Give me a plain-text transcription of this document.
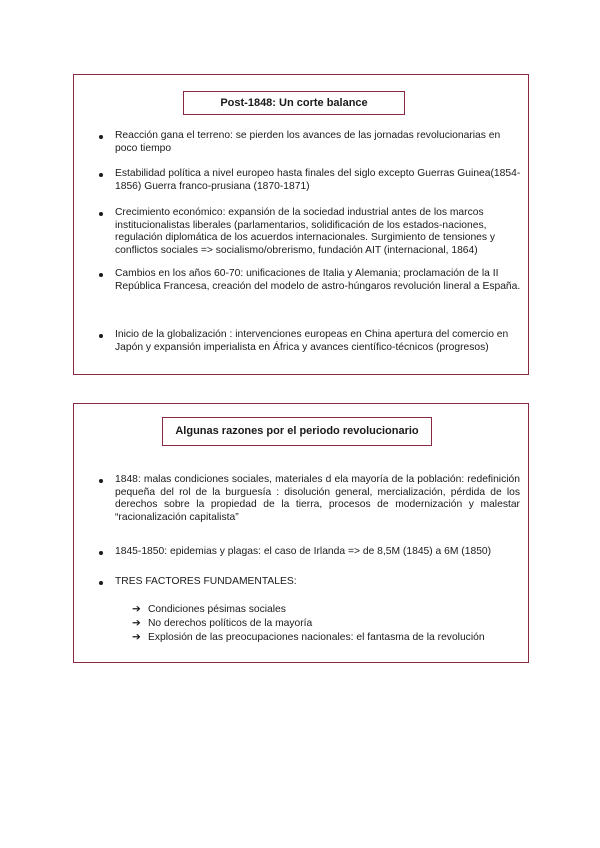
Post-1848: Un corte balance
Reacción gana el terreno: se pierden los avances de las jornadas revolucionarias en poco tiempo
Estabilidad política a nivel europeo hasta finales del siglo excepto Guerras Guinea(1854-1856) Guerra franco-prusiana (1870-1871)
Crecimiento económico: expansión de la sociedad industrial antes de los marcos institucionalistas liberales (parlamentarios, solidificación de los estados-naciones, regulación diplomática de los acuerdos internacionales. Surgimiento de tensiones y conflictos sociales => socialismo/obrerismo, fundación AIT (internacional, 1864)
Cambios en los años 60-70: unificaciones de Italia y Alemania; proclamación de la II República Francesa, creación del modelo de astro-húngaros revolución lineral a España.
Inicio de la globalización : intervenciones europeas en China apertura del comercio en Japón y expansión imperialista en África y avances científico-técnicos (progresos)
Algunas razones por el periodo revolucionario
1848: malas condiciones sociales, materiales d ela mayoría de la población: redefinición pequeña del rol de la burguesía : disolución general, mercialización, pérdida de los derechos sobre la propiedad de la tierra, procesos de modernización y malestar “racionalización capitalista”
1845-1850: epidemias y plagas: el caso de Irlanda => de 8,5M (1845) a 6M (1850)
TRES FACTORES FUNDAMENTALES:
➔ Condiciones pésimas sociales
➔ No derechos políticos de la mayoría
➔ Explosión de las preocupaciones nacionales: el fantasma de la revolución
